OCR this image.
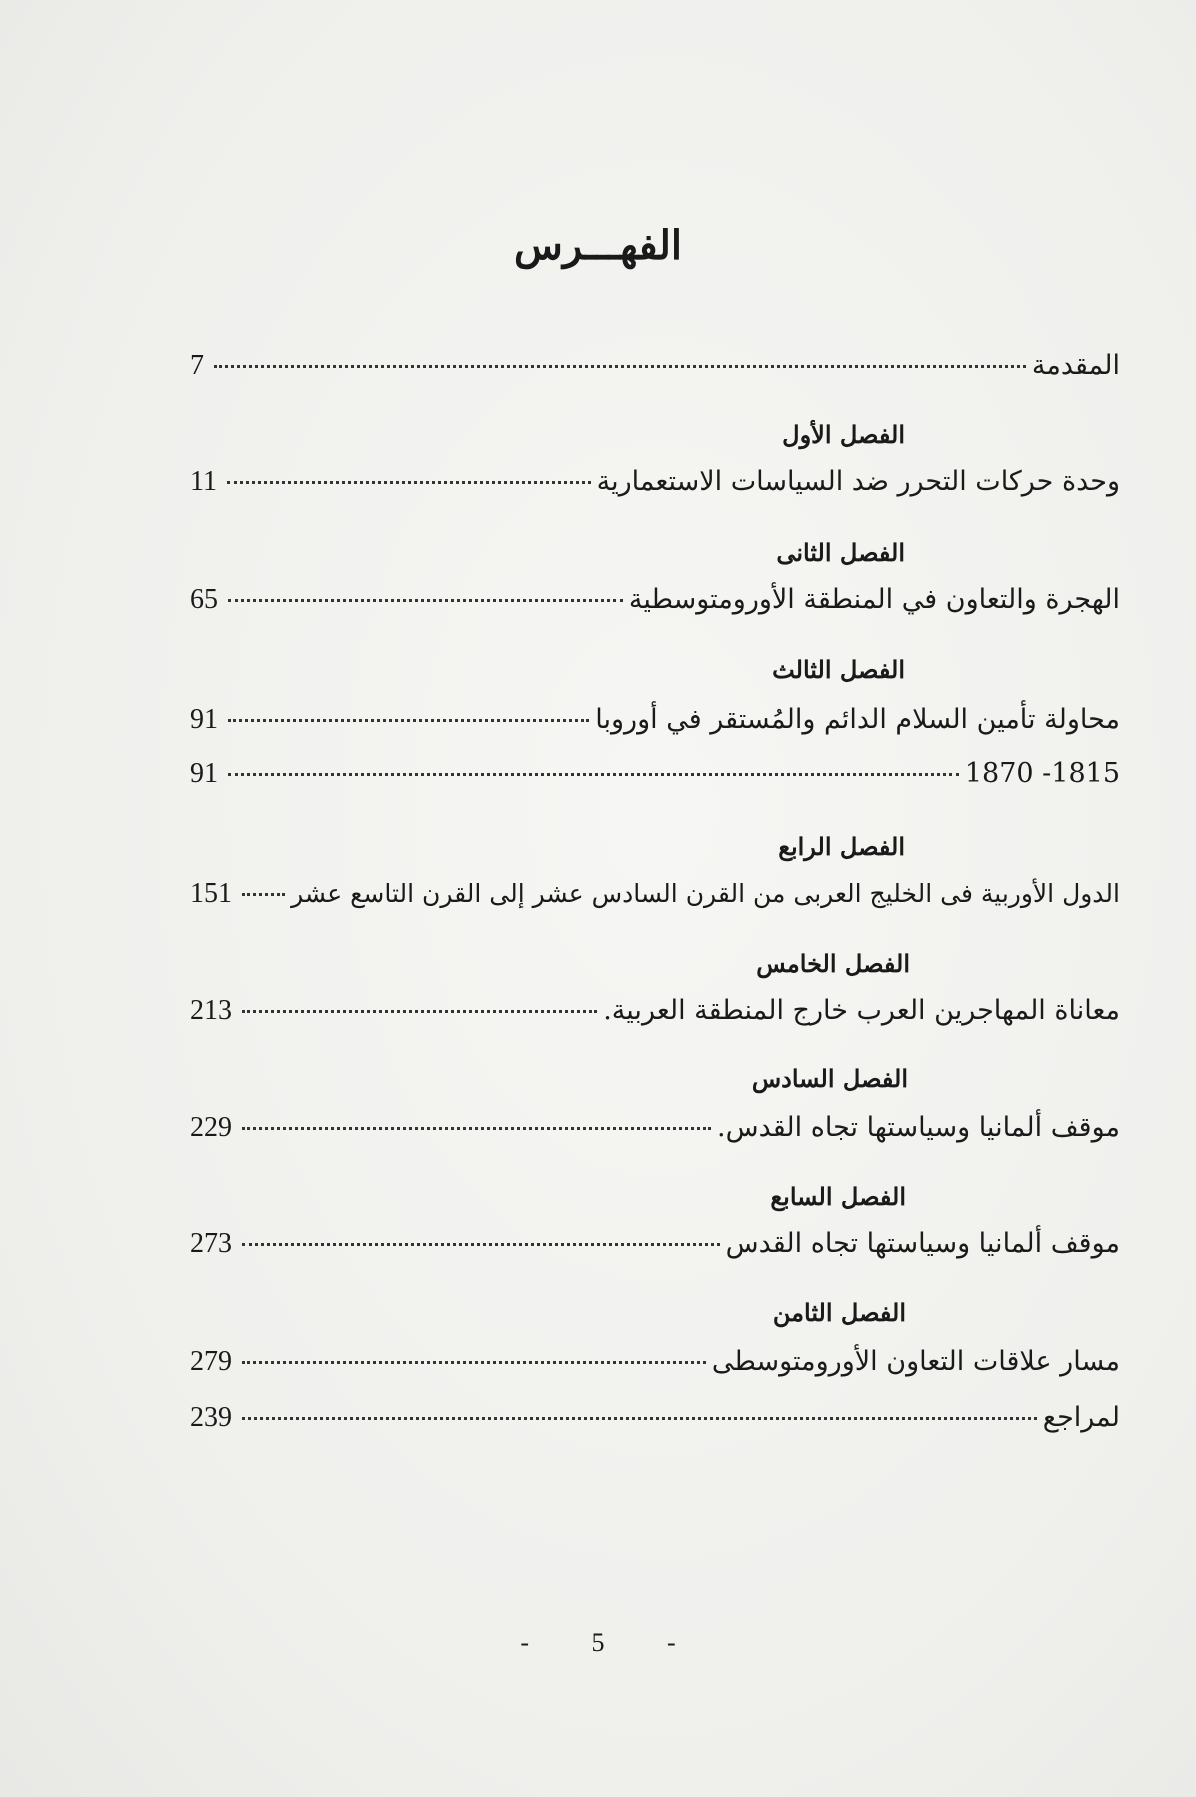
الفهـــرس
7	المقدمة
الفصل الأول
11	وحدة حركات التحرر ضد السياسات الاستعمارية
الفصل الثانى
65	الهجرة والتعاون في المنطقة الأورومتوسطية
الفصل الثالث
91	محاولة تأمين السلام الدائم والمُستقر في أوروبا
91	1815- 1870
الفصل الرابع
151 الدول الأوربية فى الخليج العربى من القرن السادس عشر إلى القرن التاسع عشر
الفصل الخامس
213	معاناة المهاجرين العرب خارج المنطقة العربية.
الفصل السادس
229	موقف ألمانيا وسياستها تجاه القدس.
الفصل السابع
273	موقف ألمانيا وسياستها تجاه القدس
الفصل الثامن
279	مسار علاقات التعاون الأورومتوسطى
239	لمراجع
- 5 -
